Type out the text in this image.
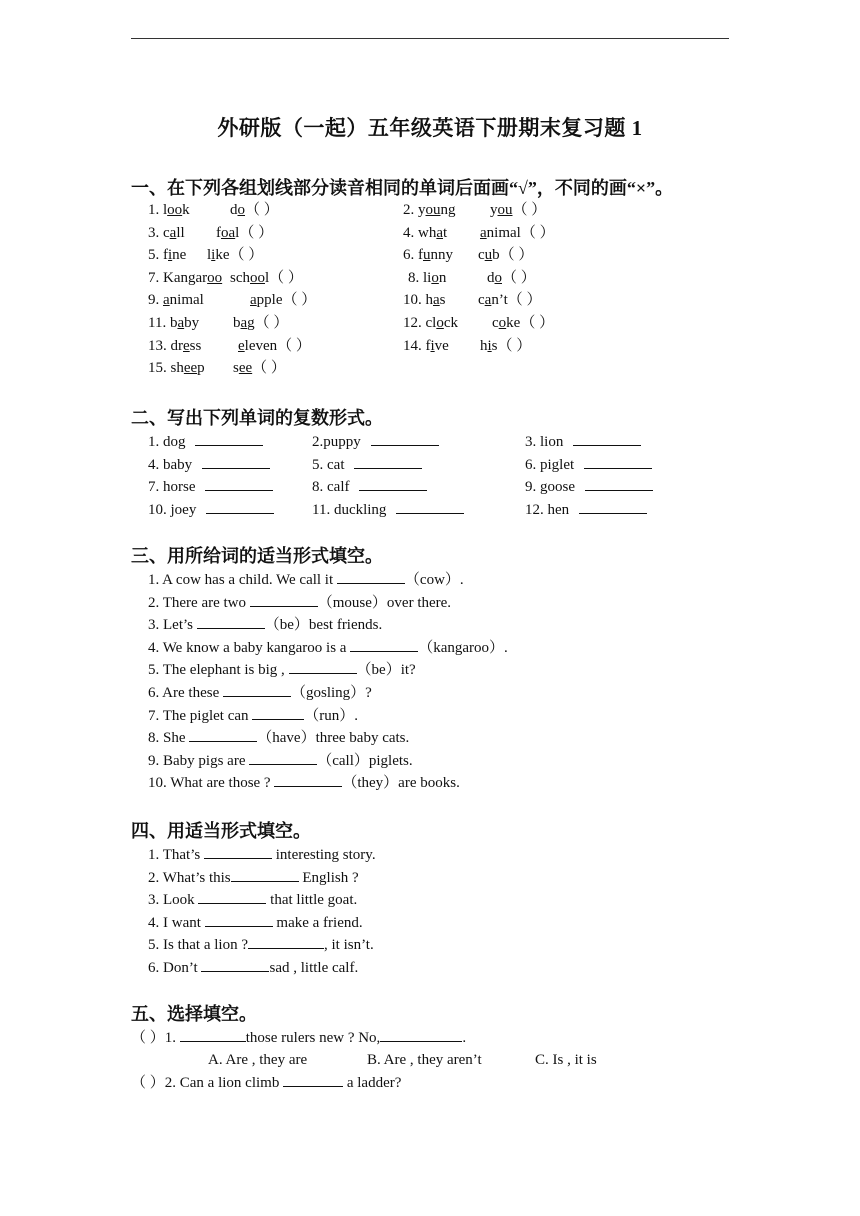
外研版（一起）五年级英语下册期末复习题 1
一、在下列各组划线部分读音相同的单词后面画“√”，不同的画“×”。
1. look	do（ ）	2. young you（ ）
3. call foal（ ）	4. what animal（ ）
5. fine like（ ）	6. funny cub（ ）
7. Kangaroo school（ ）	8. lion	do（ ）
9. animal	apple（ ）	10. has can’t（ ）
11. baby bag（ ）	12. clock coke（ ）
13. dress eleven（ ）	14. five his（ ）
15. sheep see（ ）
二、写出下列单词的复数形式。
1. dog	2.puppy	3. lion
4. baby	5. cat	6. piglet
7. horse	8. calf	9. goose
10. joey	11. duckling	12. hen
三、用所给词的适当形式填空。
1. A cow has a child. We call it	（cow）.
2. There are two	（mouse）over there.
3. Let’s	（be）best friends.
4. We know a baby kangaroo is a	（kangaroo）.
5. The elephant is big ,	（be）it?
6. Are these	（gosling）?
7. The piglet can	（run）.
8. She	（have）three baby cats.
9. Baby pigs are	（call）piglets.
10. What are those ?	（they）are books.
四、用适当形式填空。
1. That’s	interesting story.
2. What’s this	English ?
3. Look	that little goat.
4. I want	make a friend.
5. Is that a lion ?	, it isn’t.
6. Don’t	sad , little calf.
五、选择填空。
（ ）1.	those rulers new ? No,	.
A. Are , they are	B. Are , they aren’t	C. Is , it is
（ ）2. Can a lion climb	a ladder?
